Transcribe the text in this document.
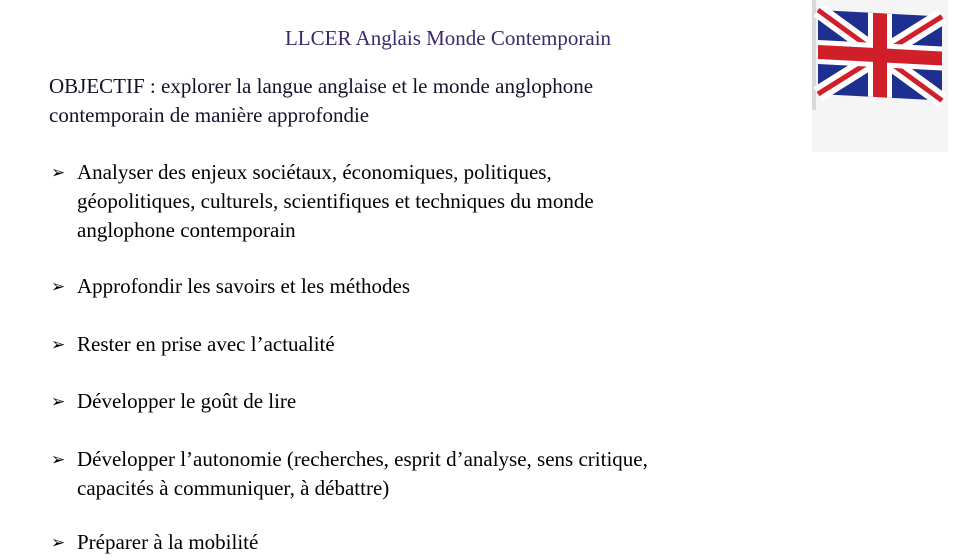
LLCER Anglais Monde Contemporain
OBJECTIF : explorer la langue anglaise et le monde anglophone
contemporain de manière approfondie
➢ Analyser des enjeux sociétaux, économiques, politiques,
géopolitiques, culturels, scientifiques et techniques du monde
anglophone contemporain
➢ Approfondir les savoirs et les méthodes
➢ Rester en prise avec l’actualité
➢ Développer le goût de lire
➢ Développer l’autonomie (recherches, esprit d’analyse, sens critique,
capacités à communiquer, à débattre)
➢ Préparer à la mobilité
